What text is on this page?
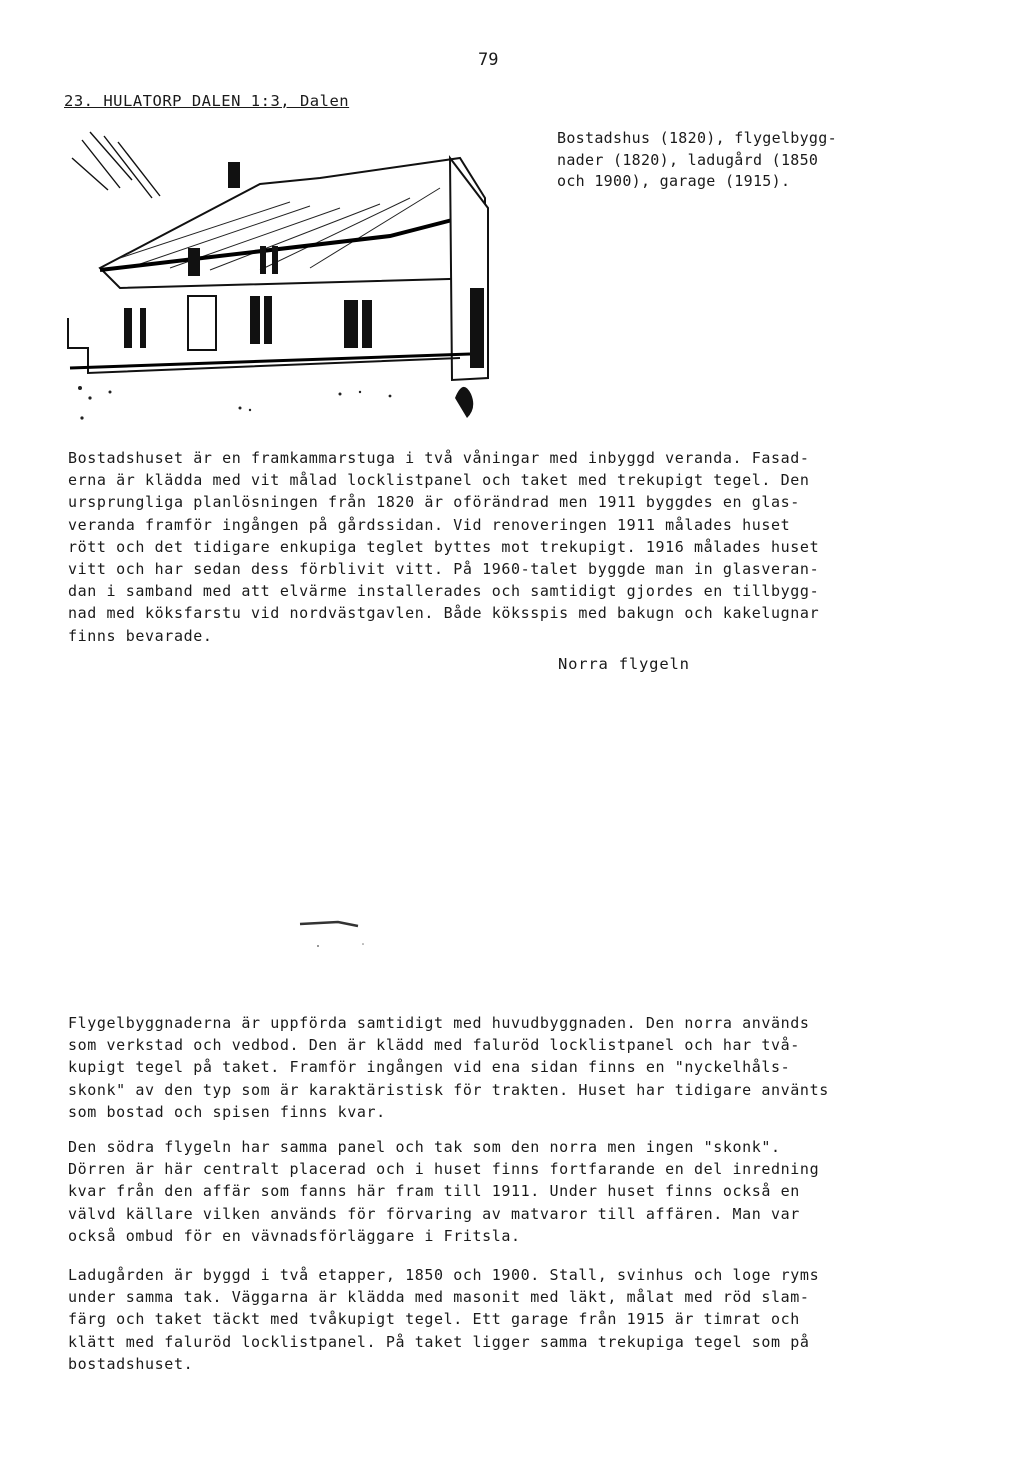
79
23. HULATORP DALEN 1:3, Dalen
Bostadshus (1820), flygelbygg-
nader (1820), ladugård (1850
och 1900), garage (1915).
Bostadshuset är en framkammarstuga i två våningar med inbyggd veranda. Fasad-
erna är klädda med vit målad locklistpanel och taket med trekupigt tegel. Den
ursprungliga planlösningen från 1820 är oförändrad men 1911 byggdes en glas-
veranda framför ingången på gårdssidan. Vid renoveringen 1911 målades huset
rött och det tidigare enkupiga teglet byttes mot trekupigt. 1916 målades huset
vitt och har sedan dess förblivit vitt. På 1960-talet byggde man in glasveran-
dan i samband med att elvärme installerades och samtidigt gjordes en tillbygg-
nad med köksfarstu vid nordvästgavlen. Både köksspis med bakugn och kakelugnar
finns bevarade.
Norra flygeln
Flygelbyggnaderna är uppförda samtidigt med huvudbyggnaden. Den norra används
som verkstad och vedbod. Den är klädd med faluröd locklistpanel och har två-
kupigt tegel på taket. Framför ingången vid ena sidan finns en "nyckelhåls-
skonk" av den typ som är karaktäristisk för trakten. Huset har tidigare använts
som bostad och spisen finns kvar.
Den södra flygeln har samma panel och tak som den norra men ingen "skonk".
Dörren är här centralt placerad och i huset finns fortfarande en del inredning
kvar från den affär som fanns här fram till 1911. Under huset finns också en
välvd källare vilken används för förvaring av matvaror till affären. Man var
också ombud för en vävnadsförläggare i Fritsla.
Ladugården är byggd i två etapper, 1850 och 1900. Stall, svinhus och loge ryms
under samma tak. Väggarna är klädda med masonit med läkt, målat med röd slam-
färg och taket täckt med tvåkupigt tegel. Ett garage från 1915 är timrat och
klätt med faluröd locklistpanel. På taket ligger samma trekupiga tegel som på
bostadshuset.
